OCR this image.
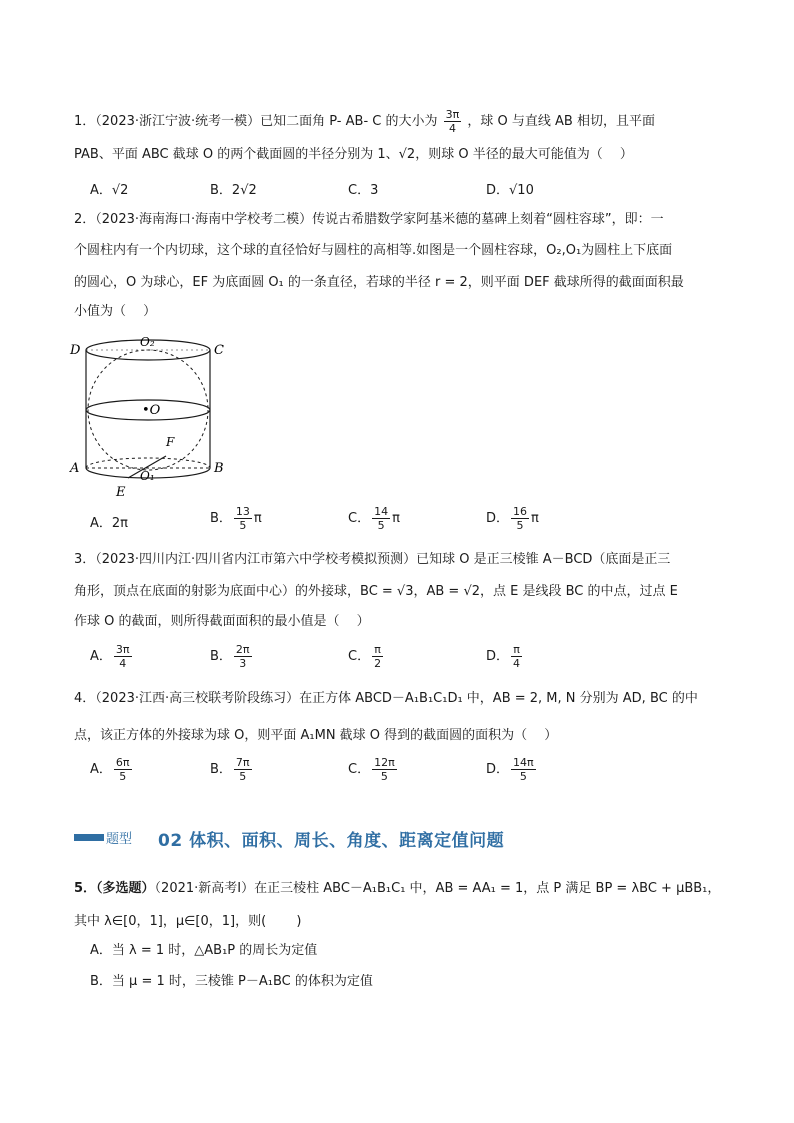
1．（2023·浙江宁波·统考一模）已知二面角 P- AB- C 的大小为 $\frac{3\pi}{4}$ ，球 O 与直线 AB 相切，且平面
PAB、平面 ABC 截球 O 的两个截面圆的半径分别为 1、√2，则球 O 半径的最大可能值为（　 ）
A．√2	B．2√2	C．3	D．√10
2．（2023·海南海口·海南中学校考二模）传说古希腊数学家阿基米德的墓碑上刻着“圆柱容球”，即：一
个圆柱内有一个内切球，这个球的直径恰好与圆柱的高相等.如图是一个圆柱容球，O₂,O₁为圆柱上下底面
的圆心，O 为球心，EF 为底面圆 O₁ 的一条直径，若球的半径 r = 2，则平面 DEF 截球所得的截面面积最
小值为（　 ）
D	C
O₂
•O
F
A	B
O₁
E
A．2π	B． $\frac{13}{5}$ π	C． $\frac{14}{5}$ π	D． $\frac{16}{5}$ π
3．（2023·四川内江·四川省内江市第六中学校考模拟预测）已知球 O 是正三棱锥 A－BCD（底面是正三
角形，顶点在底面的射影为底面中心）的外接球，BC = √3，AB = √2，点 E 是线段 BC 的中点，过点 E
作球 O 的截面，则所得截面面积的最小值是（　 ）
A． $\frac{3\pi}{4}$	B． $\frac{2\pi}{3}$	C． $\frac{\pi}{2}$	D． $\frac{\pi}{4}$
4．（2023·江西·高三校联考阶段练习）在正方体 ABCD－A₁B₁C₁D₁ 中，AB = 2, M, N 分别为 AD, BC 的中
点，该正方体的外接球为球 O，则平面 A₁MN 截球 O 得到的截面圆的面积为（　 ）
A． $\frac{6\pi}{5}$	B． $\frac{7\pi}{5}$	C． $\frac{12\pi}{5}$	D． $\frac{14\pi}{5}$
题型 02 体积、面积、周长、角度、距离定值问题
5．（多选题）（2021·新高考Ⅰ）在正三棱柱 ABC－A₁B₁C₁ 中，AB = AA₁ = 1，点 P 满足 BP = λBC + μBB₁，
其中 λ∈[0，1]，μ∈[0，1]，则(　　 )
A．当 λ = 1 时，△AB₁P 的周长为定值
B．当 μ = 1 时，三棱锥 P－A₁BC 的体积为定值
